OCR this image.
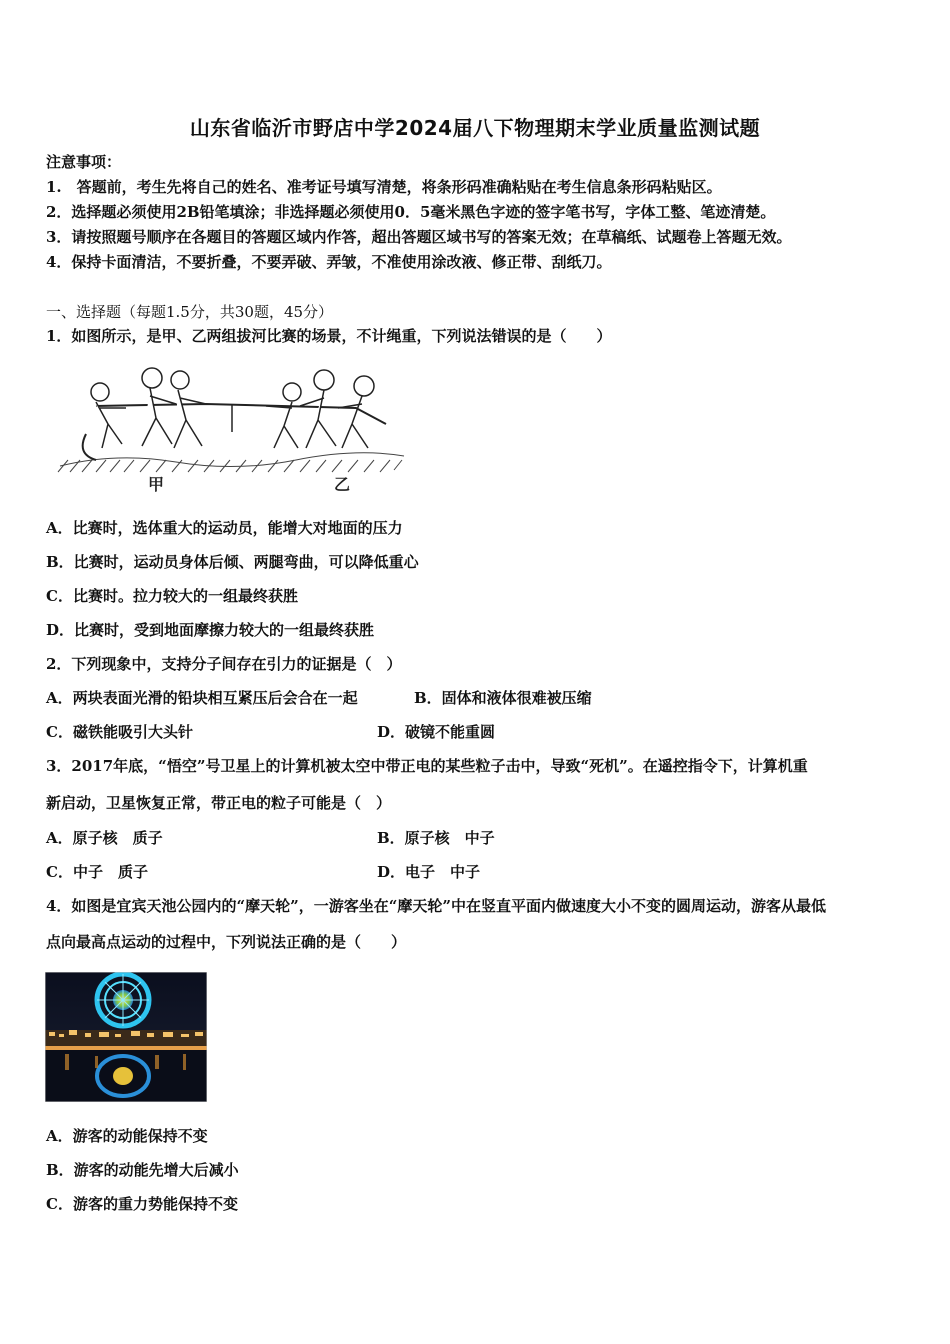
山东省临沂市野店中学2024届八下物理期末学业质量监测试题
注意事项：
1.　答题前，考生先将自己的姓名、准考证号填写清楚，将条形码准确粘贴在考生信息条形码粘贴区。
2．选择题必须使用2B铅笔填涂；非选择题必须使用0．5毫米黑色字迹的签字笔书写，字体工整、笔迹清楚。
3．请按照题号顺序在各题目的答题区域内作答，超出答题区域书写的答案无效；在草稿纸、试题卷上答题无效。
4．保持卡面清洁，不要折叠，不要弄破、弄皱，不准使用涂改液、修正带、刮纸刀。
一、选择题（每题1.5分，共30题，45分）
1．如图所示，是甲、乙两组拔河比赛的场景，不计绳重，下列说法错误的是（　　）
甲	乙
A．比赛时，选体重大的运动员，能增大对地面的压力
B．比赛时，运动员身体后倾、两腿弯曲，可以降低重心
C．比赛时。拉力较大的一组最终获胜
D．比赛时，受到地面摩擦力较大的一组最终获胜
2．下列现象中，支持分子间存在引力的证据是（　）
A．两块表面光滑的铅块相互紧压后会合在一起	B．固体和液体很难被压缩
C．磁铁能吸引大头针	D．破镜不能重圆
3．2017年底，“悟空”号卫星上的计算机被太空中带正电的某些粒子击中，导致“死机”。在遥控指令下，计算机重
新启动，卫星恢复正常，带正电的粒子可能是（　）
A．原子核　质子	B．原子核　中子
C．中子　质子	D．电子　中子
4．如图是宜宾天池公园内的“摩天轮”，一游客坐在“摩天轮”中在竖直平面内做速度大小不变的圆周运动，游客从最低
点向最高点运动的过程中，下列说法正确的是（　　）
A．游客的动能保持不变
B．游客的动能先增大后减小
C．游客的重力势能保持不变
